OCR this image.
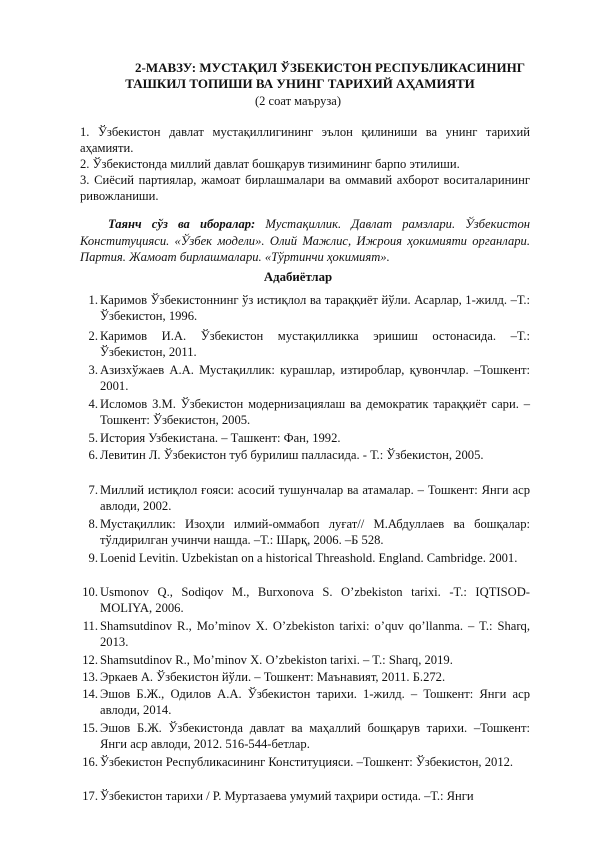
2-МАВЗУ: МУСТАҚИЛ ЎЗБЕКИСТОН РЕСПУБЛИКАСИНИНГ
ТАШКИЛ ТОПИШИ ВА УНИНГ ТАРИХИЙ АҲАМИЯТИ
(2 соат маъруза)
1. Ўзбекистон давлат мустақиллигининг эълон қилиниши ва унинг тарихий аҳамияти.
2. Ўзбекистонда миллий давлат бошқарув тизимининг барпо этилиши.
3. Сиёсий партиялар, жамоат бирлашмалари ва оммавий ахборот воситаларининг ривожланиши.
Таянч сўз ва иборалар: Мустақиллик. Давлат рамзлари. Ўзбекистон Конституцияси. «Ўзбек модели». Олий Мажлис, Ижроия ҳокимияти органлари. Партия. Жамоат бирлашмалари. «Тўртинчи ҳокимият».
Адабиётлар
1. Каримов Ўзбекистоннинг ўз истиқлол ва тараққиёт йўли. Асарлар, 1-жилд. –Т.: Ўзбекистон, 1996.
2. Каримов И.А. Ўзбекистон мустақилликка эришиш остонасида. –Т.: Ўзбекистон, 2011.
3. Азизхўжаев А.А. Мустақиллик: курашлар, изтироблар, қувончлар. –Тошкент: 2001.
4. Исломов З.М. Ўзбекистон модернизациялаш ва демократик тараққиёт сари. – Тошкент: Ўзбекистон, 2005.
5. История Узбекистана. – Ташкент: Фан, 1992.
6. Левитин Л. Ўзбекистон туб бурилиш палласида. - Т.: Ўзбекистон, 2005.
7. Миллий истиқлол ғояси: асосий тушунчалар ва атамалар. – Тошкент: Янги аср авлоди, 2002.
8. Мустақиллик: Изоҳли илмий-оммабоп луғат// М.Абдуллаев ва бошқалар: тўлдирилган учинчи нашда. –Т.: Шарқ, 2006. –Б 528.
9. Loenid Levitin. Uzbekistan on a historical Threashold. England. Cambridge. 2001.
10. Usmonov Q., Sodiqov M., Burxonova S. O’zbekiston tarixi. -T.: IQTISOD-MOLIYA, 2006.
11. Shamsutdinov R., Mo’minov X. O’zbekiston tarixi: o’quv qo’llanma. – T.: Sharq, 2013.
12. Shamsutdinov R., Mo’minov X. O’zbekiston tarixi. – T.: Sharq, 2019.
13. Эркаев А. Ўзбекистон йўли. – Тошкент: Маънавият, 2011. Б.272.
14. Эшов Б.Ж., Одилов А.А. Ўзбекистон тарихи. 1-жилд. – Тошкент: Янги аср авлоди, 2014.
15. Эшов Б.Ж. Ўзбекистонда давлат ва маҳаллий бошқарув тарихи. –Тошкент: Янги аср авлоди, 2012. 516-544-бетлар.
16. Ўзбекистон Республикасининг Конституцияси. –Тошкент: Ўзбекистон, 2012.
17. Ўзбекистон тарихи / Р. Муртазаева умумий таҳрири остида. –Т.: Янги
